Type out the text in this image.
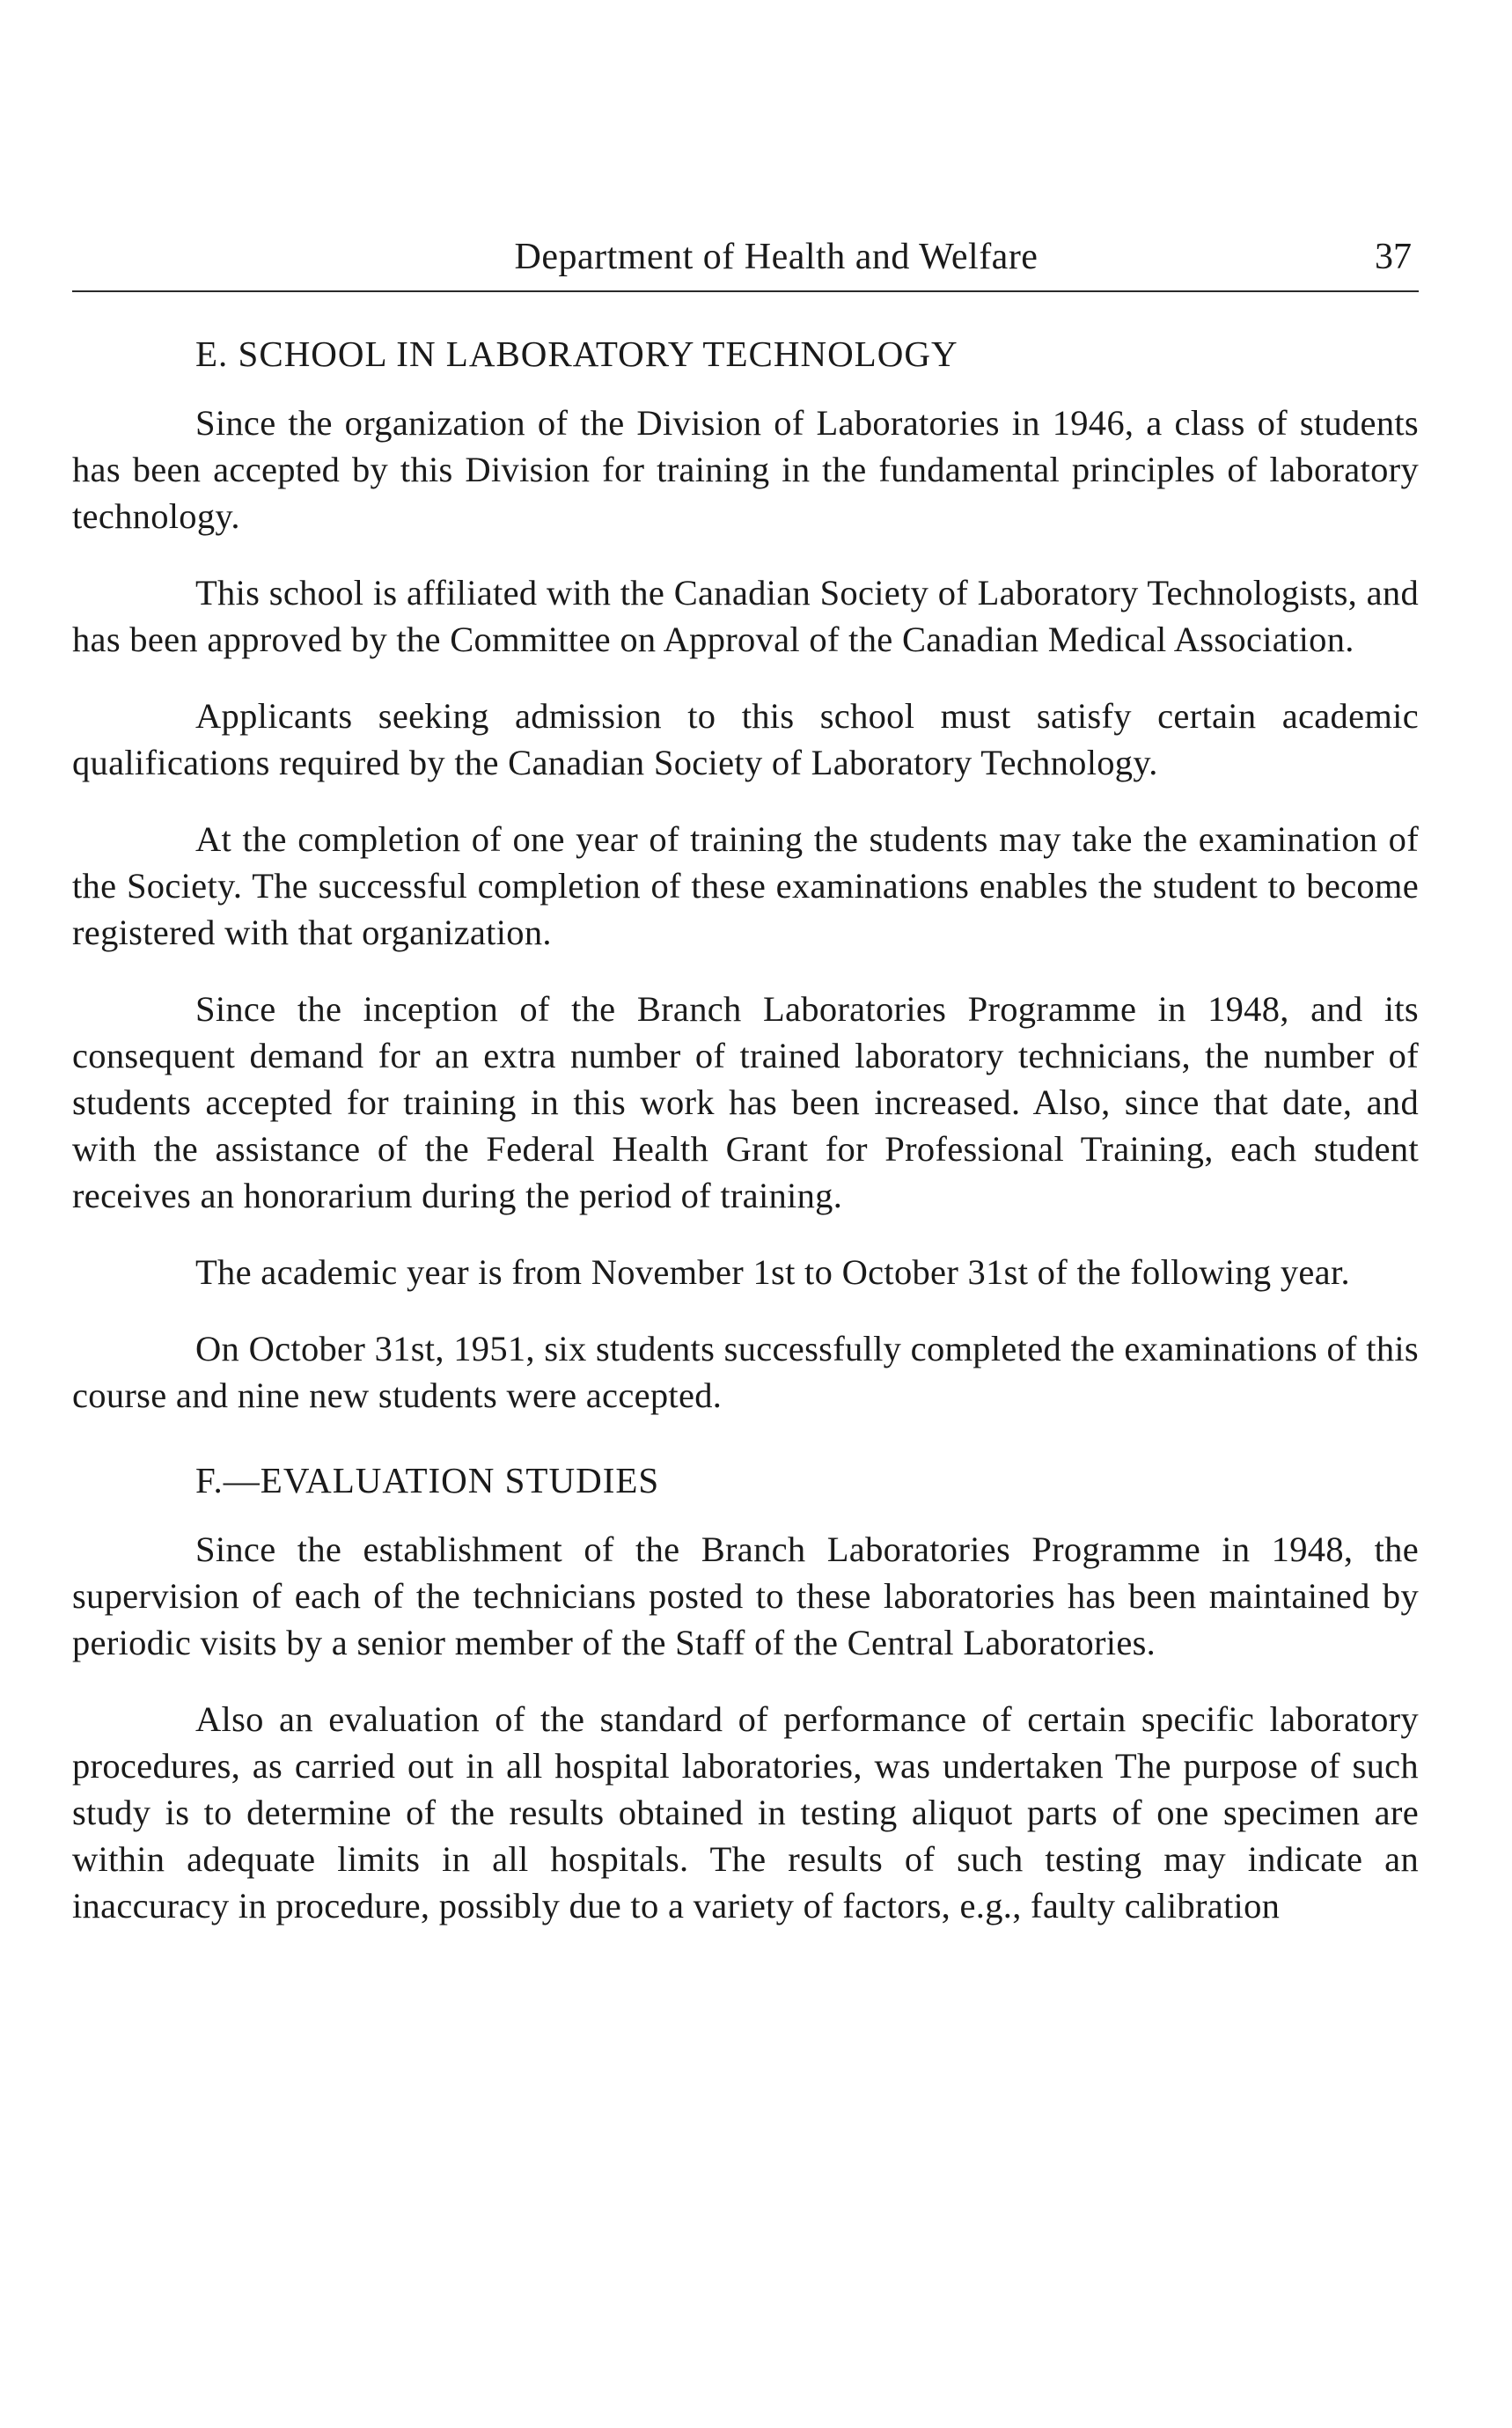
Department of Health and Welfare	37
E. SCHOOL IN LABORATORY TECHNOLOGY

Since the organization of the Division of Laboratories in 1946, a class of students has been accepted by this Division for training in the fundamental principles of laboratory technology.

This school is affiliated with the Canadian Society of Laboratory Technologists, and has been approved by the Committee on Approval of the Canadian Medical Association.

Applicants seeking admission to this school must satisfy certain academic qualifications required by the Canadian Society of Laboratory Technology.

At the completion of one year of training the students may take the examination of the Society. The successful completion of these examinations enables the student to become registered with that organization.

Since the inception of the Branch Laboratories Programme in 1948, and its consequent demand for an extra number of trained laboratory technicians, the number of students accepted for training in this work has been increased. Also, since that date, and with the assistance of the Federal Health Grant for Professional Training, each student receives an honorarium during the period of training.

The academic year is from November 1st to October 31st of the following year.

On October 31st, 1951, six students successfully completed the examinations of this course and nine new students were accepted.

F.—EVALUATION STUDIES

Since the establishment of the Branch Laboratories Programme in 1948, the supervision of each of the technicians posted to these laboratories has been maintained by periodic visits by a senior member of the Staff of the Central Laboratories.

Also an evaluation of the standard of performance of certain specific laboratory procedures, as carried out in all hospital laboratories, was undertaken The purpose of such study is to determine of the results obtained in testing aliquot parts of one specimen are within adequate limits in all hospitals. The results of such testing may indicate an inaccuracy in procedure, possibly due to a variety of factors, e.g., faulty calibration
